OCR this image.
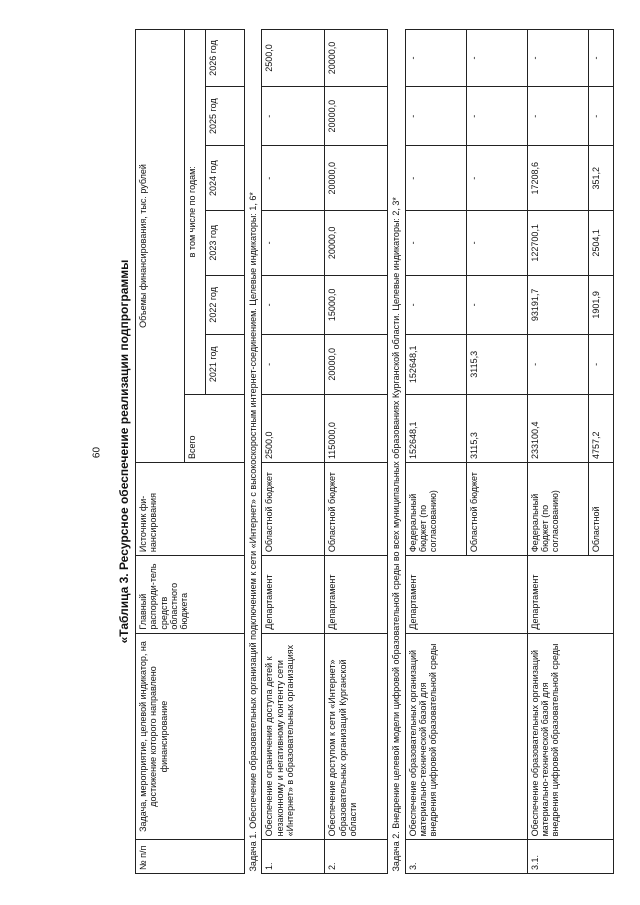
60	«Таблица 3. Ресурсное обеспечение реализации подпрограммы
№ п/п	Задача, мероприятие, целевой индикатор, на достижение которого направлено финансирование	Главный распоряди-тель средств областного бюджета	Источник фи-нансирования	Объемы финансирования, тыс. рублей						
				Всего	в том числе по годам:					
					2021 год	2022 год	2023 год	2024 год	2025 год	2026 год
Задача 1. Обеспечение образовательных организаций подключением к сети «Интернет» с высокоскоростным интернет-соединением. Целевые индикаторы: 1, 6*										
1.	Обеспечение ограничения доступа детей к незаконному и негативному контенту сети «Интернет» в образовательных организациях	Департамент	Областной бюджет	2500,0	-	-	-	-	-	2500,0
2.	Обеспечение доступом к сети «Интернет» образовательных организаций Курганской области	Департамент	Областной бюджет	115000,0	20000,0	15000,0	20000,0	20000,0	20000,0	20000,0
Задача 2. Внедрение целевой модели цифровой образовательной среды во всех муниципальных образованиях Курганской области. Целевые индикаторы: 2, 3*										
3.	Обеспечение образовательных организаций материально-технической базой для внедрения цифровой образовательной среды	Департамент	Федеральный бюджет (по согласованию)	152648,1	152648,1	-	-	-	-	-
			Областной бюджет	3115,3	3115,3	-	-	-	-	-
3.1.	Обеспечение образовательных организаций материально-технической базой для внедрения цифровой образовательной среды	Департамент	Федеральный бюджет (по согласованию)	233100,4	-	93191,7	122700,1	17208,6	-	-
			Областной	4757,2	-	1901,9	2504,1	351,2	-	-
